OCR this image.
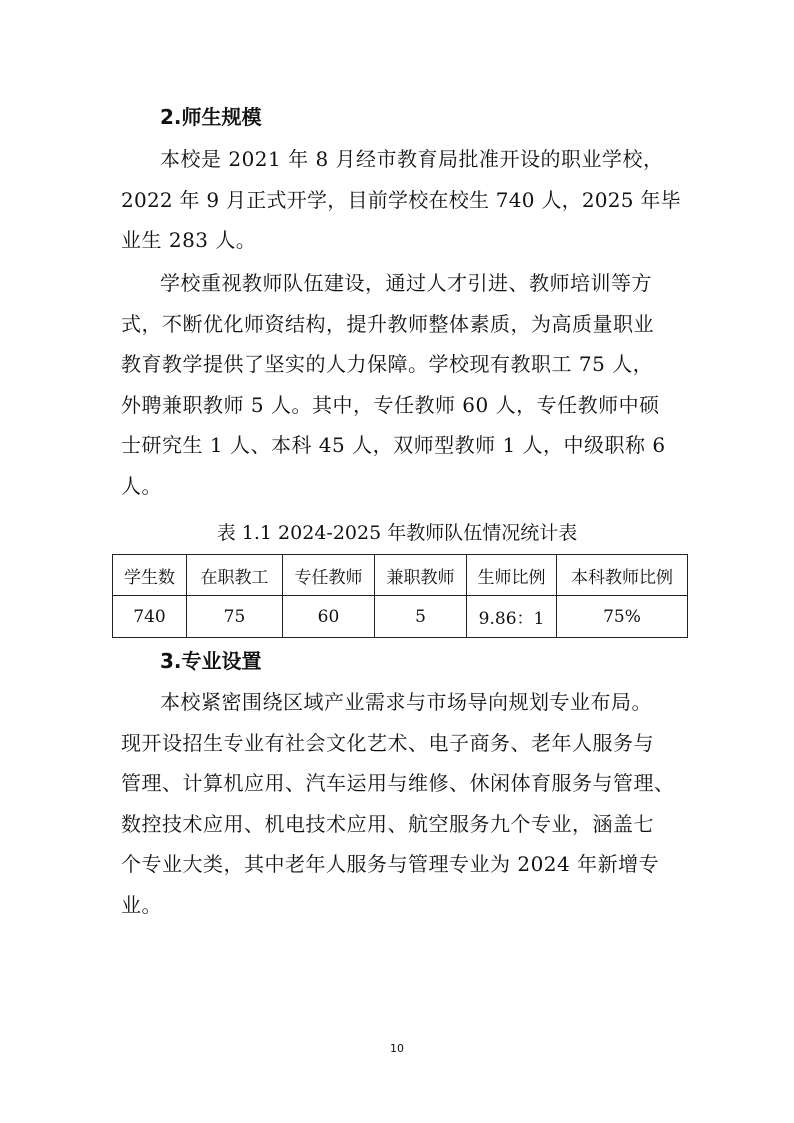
2.师生规模
本校是 2021 年 8 月经市教育局批准开设的职业学校，
2022 年 9 月正式开学，目前学校在校生 740 人，2025 年毕
业生 283 人。
学校重视教师队伍建设，通过人才引进、教师培训等方
式，不断优化师资结构，提升教师整体素质，为高质量职业
教育教学提供了坚实的人力保障。学校现有教职工 75 人，
外聘兼职教师 5 人。其中，专任教师 60 人，专任教师中硕
士研究生 1 人、本科 45 人，双师型教师 1 人，中级职称 6
人。
表 1.1 2024-2025 年教师队伍情况统计表
学生数	在职教工	专任教师	兼职教师	生师比例	本科教师比例
740	75	60	5	9.86：1	75%
3.专业设置
本校紧密围绕区域产业需求与市场导向规划专业布局。
现开设招生专业有社会文化艺术、电子商务、老年人服务与
管理、计算机应用、汽车运用与维修、休闲体育服务与管理、
数控技术应用、机电技术应用、航空服务九个专业，涵盖七
个专业大类，其中老年人服务与管理专业为 2024 年新增专
业。
10
